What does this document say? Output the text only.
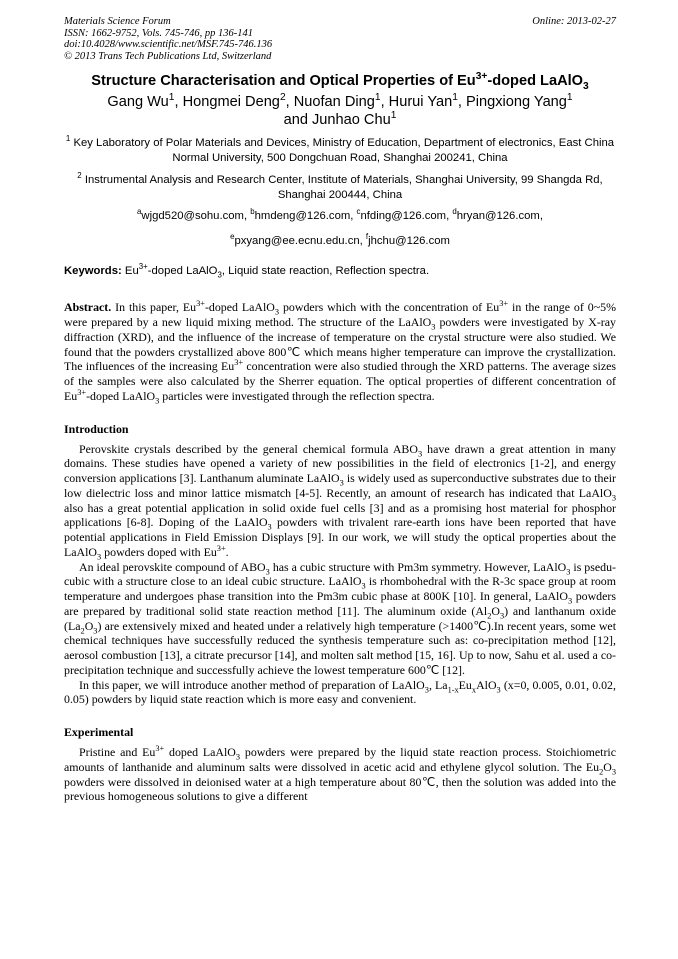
Materials Science Forum
ISSN: 1662-9752, Vols. 745-746, pp 136-141
doi:10.4028/www.scientific.net/MSF.745-746.136
© 2013 Trans Tech Publications Ltd, Switzerland
Online: 2013-02-27
Structure Characterisation and Optical Properties of $Eu^{3+}$-doped LaAlO$_3$
Gang Wu$^1$, Hongmei Deng$^2$, Nuofan Ding$^1$, Hurui Yan$^1$, Pingxiong Yang$^1$
and Junhao Chu$^1$
$^1$ Key Laboratory of Polar Materials and Devices, Ministry of Education, Department of electronics, East China Normal University, 500 Dongchuan Road, Shanghai 200241, China
$^2$ Instrumental Analysis and Research Center, Institute of Materials, Shanghai University, 99 Shangda Rd, Shanghai 200444, China
$^a$wjgd520@sohu.com, $^b$hmdeng@126.com, $^c$nfding@126.com, $^d$hryan@126.com,
$^e$pxyang@ee.ecnu.edu.cn, $^f$jhchu@126.com
Keywords: $Eu^{3+}$-doped LaAlO$_3$, Liquid state reaction, Reflection spectra.
Abstract. In this paper, $Eu^{3+}$-doped LaAlO$_3$ powders which with the concentration of $Eu^{3+}$ in the range of 0~5% were prepared by a new liquid mixing method. The structure of the LaAlO$_3$ powders were investigated by X-ray diffraction (XRD), and the influence of the increase of temperature on the crystal structure were also studied. We found that the powders crystallized above 800℃ which means higher temperature can improve the crystallization. The influences of the increasing $Eu^{3+}$ concentration were also studied through the XRD patterns. The average sizes of the samples were also calculated by the Sherrer equation. The optical properties of different concentration of $Eu^{3+}$-doped LaAlO$_3$ particles were investigated through the reflection spectra.
Introduction
Perovskite crystals described by the general chemical formula $ABO_3$ have drawn a great attention in many domains. These studies have opened a variety of new possibilities in the field of electronics [1-2], and energy conversion applications [3]. Lanthanum aluminate LaAlO$_3$ is widely used as superconductive substrates due to their low dielectric loss and minor lattice mismatch [4-5]. Recently, an amount of research has indicated that LaAlO$_3$ also has a great potential application in solid oxide fuel cells [3] and as a promising host material for phosphor applications [6-8]. Doping of the LaAlO$_3$ powders with trivalent rare-earth ions have been reported that have potential applications in Field Emission Displays [9]. In our work, we will study the optical properties about the LaAlO$_3$ powders doped with $Eu^{3+}$.
An ideal perovskite compound of $ABO_3$ has a cubic structure with Pm3m symmetry. However, LaAlO$_3$ is psedu-cubic with a structure close to an ideal cubic structure. LaAlO$_3$ is rhombohedral with the R-3c space group at room temperature and undergoes phase transition into the Pm3m cubic phase at 800K [10]. In general, LaAlO$_3$ powders are prepared by traditional solid state reaction method [11]. The aluminum oxide $(Al_2O_3)$ and lanthanum oxide $(La_2O_3)$ are extensively mixed and heated under a relatively high temperature (>1400℃).In recent years, some wet chemical techniques have successfully reduced the synthesis temperature such as: co-precipitation method [12], aerosol combustion [13], a citrate precursor [14], and molten salt method [15, 16]. Up to now, Sahu et al. used a co-precipitation technique and successfully achieve the lowest temperature 600℃ [12].
In this paper, we will introduce another method of preparation of LaAlO$_3$, $La_{1-x}Eu_xAlO_3$ (x=0, 0.005, 0.01, 0.02, 0.05) powders by liquid state reaction which is more easy and convenient.
Experimental
Pristine and $Eu^{3+}$ doped LaAlO$_3$ powders were prepared by the liquid state reaction process. Stoichiometric amounts of lanthanide and aluminum salts were dissolved in acetic acid and ethylene glycol solution. The $Eu_2O_3$ powders were dissolved in deionised water at a high temperature about 80℃, then the solution was added into the previous homogeneous solutions to give a different
